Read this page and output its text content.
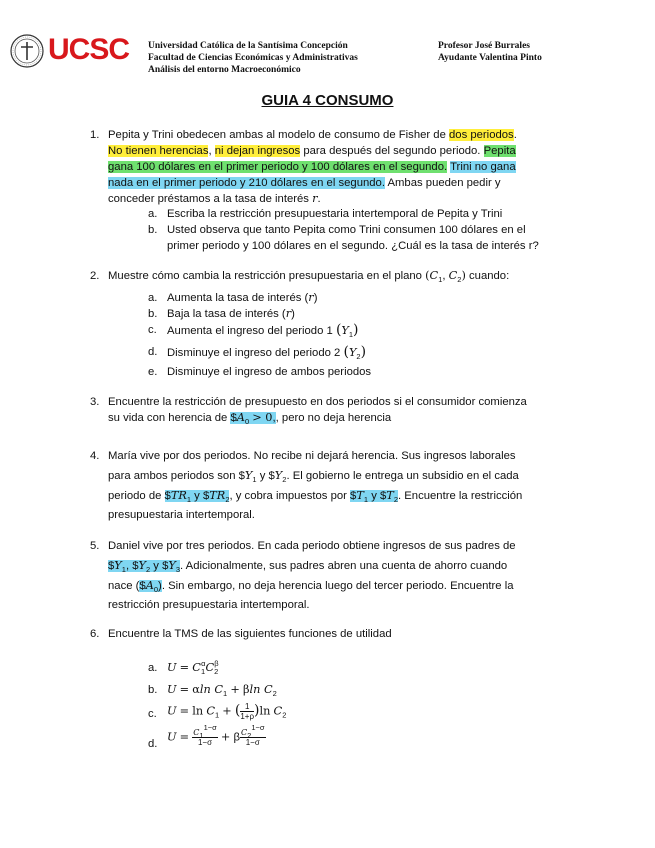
UCSC Universidad Católica de la Santísima Concepción
Facultad de Ciencias Económicas y Administrativas
Análisis del entorno Macroeconómico
Profesor José Burrales
Ayudante Valentina Pinto
GUIA 4 CONSUMO
1. Pepita y Trini obedecen ambas al modelo de consumo de Fisher de dos periodos.
No tienen herencias, ni dejan ingresos para después del segundo periodo. Pepita
gana 100 dólares en el primer periodo y 100 dólares en el segundo. Trini no gana
nada en el primer periodo y 210 dólares en el segundo. Ambas pueden pedir y
conceder préstamos a la tasa de interés r.
a. Escriba la restricción presupuestaria intertemporal de Pepita y Trini
b. Usted observa que tanto Pepita como Trini consumen 100 dólares en el
primer periodo y 100 dólares en el segundo. ¿Cuál es la tasa de interés r?
2. Muestre cómo cambia la restricción presupuestaria en el plano ($C_1$, $C_2$) cuando:
a. Aumenta la tasa de interés (r)
b. Baja la tasa de interés (r)
c. Aumenta el ingreso del periodo 1 $(Y_1)$
d. Disminuye el ingreso del periodo 2 $(Y_2)$
e. Disminuye el ingreso de ambos periodos
3. Encuentre la restricción de presupuesto en dos periodos si el consumidor comienza
su vida con herencia de $\$A_0 > 0$,, pero no deja herencia
4. María vive por dos periodos. No recibe ni dejará herencia. Sus ingresos laborales
para ambos periodos son $\$Y_1$ y $\$Y_2$. El gobierno le entrega un subsidio en el cada
periodo de $\$TR_1$ y $\$TR_2$, y cobra impuestos por $\$T_1$ y $\$T_2$. Encuentre la restricción
presupuestaria intertemporal.
5. Daniel vive por tres periodos. En cada periodo obtiene ingresos de sus padres de
$\$Y_1$, $\$Y_2$ y $\$Y_3$. Adicionalmente, sus padres abren una cuenta de ahorro cuando
nace $(\$A_0)$. Sin embargo, no deja herencia luego del tercer periodo. Encuentre la
restricción presupuestaria intertemporal.
6. Encuentre la TMS de las siguientes funciones de utilidad
a. $U = C_1^\alpha C_2^\beta$
b. U = αln $C_1 + \beta\ln$ $C_2$
c. $U = \ln C_1$ + ( $\frac{1}{1+\rho} )\ln$ $C_2$
d.
$U = \frac{C_1^{1-\sigma}}{1-\sigma} + \beta \frac{C_2^{1-\sigma}}{1-\sigma}$
